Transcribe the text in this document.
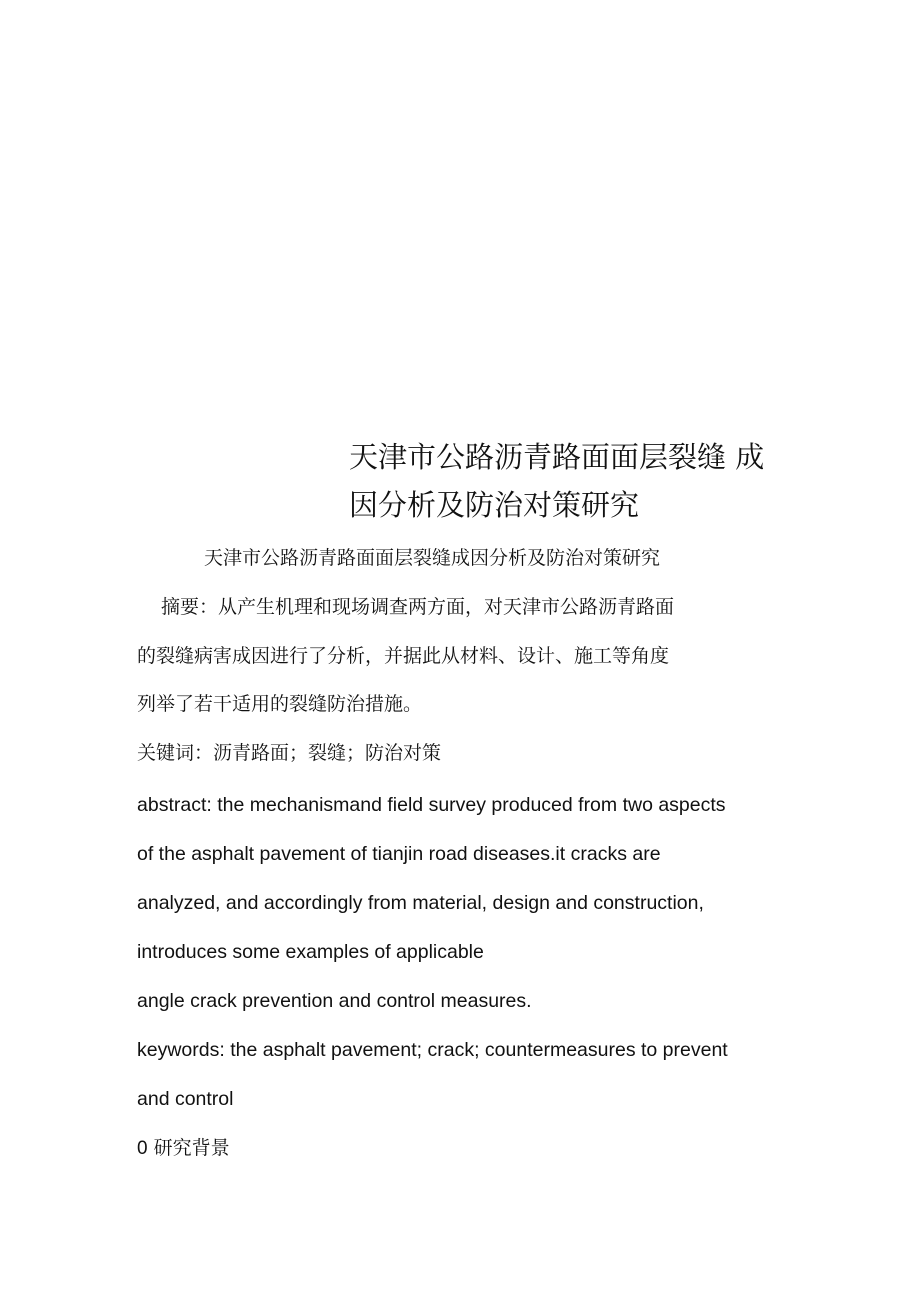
天津市公路沥青路面面层裂缝 成
因分析及防治对策研究
天津市公路沥青路面面层裂缝成因分析及防治对策研究
摘要：从产生机理和现场调查两方面，对天津市公路沥青路面
的裂缝病害成因进行了分析，并据此从材料、设计、施工等角度
列举了若干适用的裂缝防治措施。
关键词：沥青路面；裂缝；防治对策
abstract: the mechanismand field survey produced from two aspects
of the asphalt pavement of tianjin road diseases.it cracks are
analyzed, and accordingly from material, design and construction,
introduces some examples of applicable
angle crack prevention and control measures.
keywords: the asphalt pavement; crack; countermeasures to prevent
and control
0 研究背景
